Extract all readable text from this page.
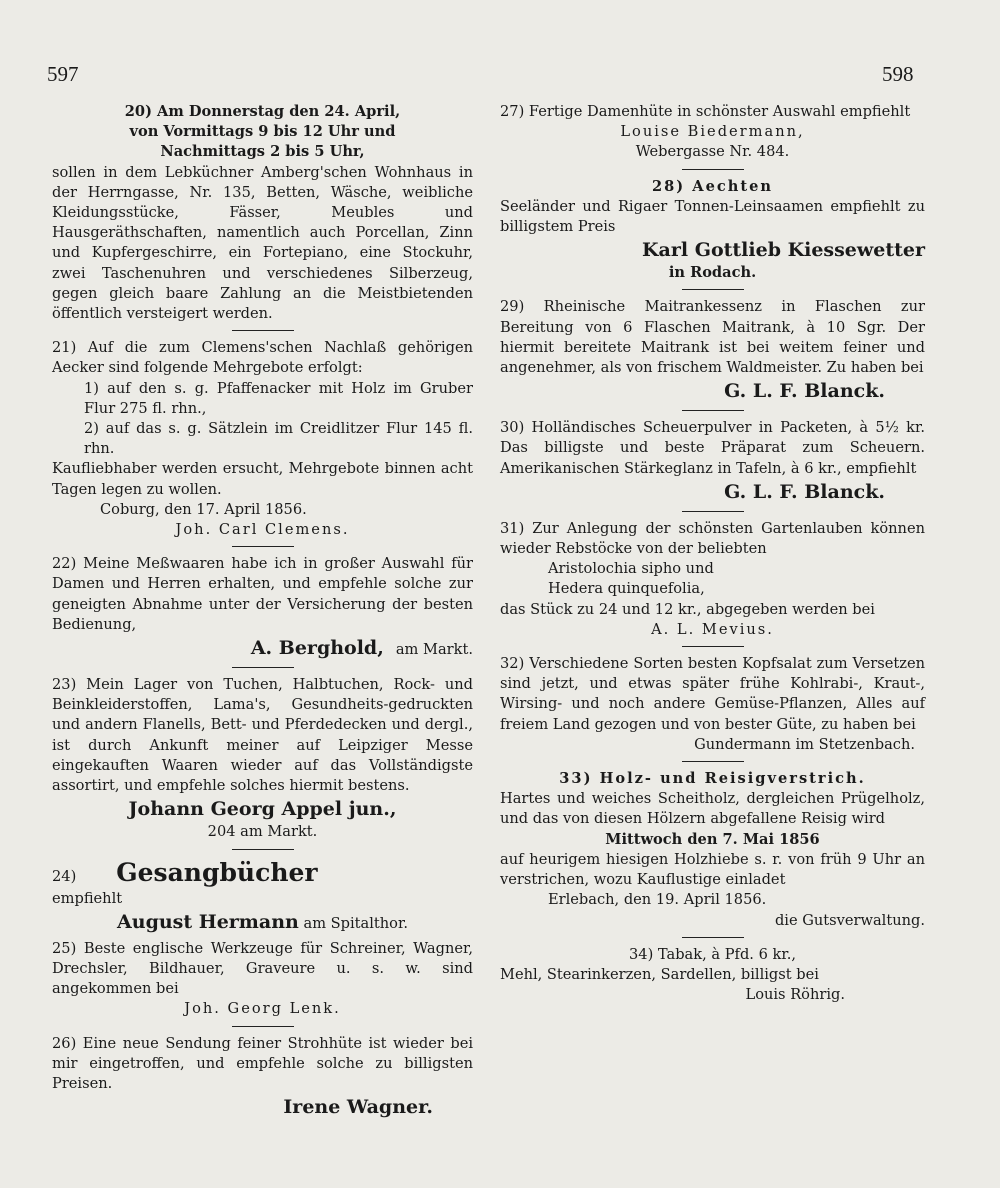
597	598
20) Am Donnerstag den 24. April,
von Vormittags 9 bis 12 Uhr und
Nachmittags 2 bis 5 Uhr,
sollen in dem Lebküchner Amberg'schen Wohnhaus in der Herrngasse, Nr. 135, Betten, Wäsche, weibliche Kleidungsstücke, Fässer, Meubles und Hausgeräthschaften, namentlich auch Porcellan, Zinn und Kupfergeschirre, ein Fortepiano, eine Stockuhr, zwei Taschenuhren und verschiedenes Silberzeug, gegen gleich baare Zahlung an die Meistbietenden öffentlich versteigert werden.
21) Auf die zum Clemens'schen Nachlaß gehörigen Aecker sind folgende Mehrgebote erfolgt:
1) auf den s. g. Pfaffenacker mit Holz im Gruber Flur 275 fl. rhn.,
2) auf das s. g. Sätzlein im Creidlitzer Flur 145 fl. rhn.
Kaufliebhaber werden ersucht, Mehrgebote binnen acht Tagen legen zu wollen.
Coburg, den 17. April 1856.
Joh. Carl Clemens.
22) Meine Meßwaaren habe ich in großer Auswahl für Damen und Herren erhalten, und empfehle solche zur geneigten Abnahme unter der Versicherung der besten Bedienung,
A. Berghold, am Markt.
23) Mein Lager von Tuchen, Halbtuchen, Rock- und Beinkleiderstoffen, Lama's, Gesundheits-gedruckten und andern Flanells, Bett- und Pferdedecken und dergl., ist durch Ankunft meiner auf Leipziger Messe eingekauften Waaren wieder auf das Vollständigste assortirt, und empfehle solches hiermit bestens.
Johann Georg Appel jun.,
204 am Markt.
24) Gesangbücher
empfiehlt
August Hermann am Spitalthor.
25) Beste englische Werkzeuge für Schreiner, Wagner, Drechsler, Bildhauer, Graveure u. s. w. sind angekommen bei
Joh. Georg Lenk.
26) Eine neue Sendung feiner Strohhüte ist wieder bei mir eingetroffen, und empfehle solche zu billigsten Preisen.
Irene Wagner.
27) Fertige Damenhüte in schönster Auswahl empfiehlt
Louise Biedermann,
Webergasse Nr. 484.
28) Aechten
Seeländer und Rigaer Tonnen-Leinsaamen empfiehlt zu billigstem Preis
Karl Gottlieb Kiessewetter
in Rodach.
29) Rheinische Maitrankessenz in Flaschen zur Bereitung von 6 Flaschen Maitrank, à 10 Sgr. Der hiermit bereitete Maitrank ist bei weitem feiner und angenehmer, als von frischem Waldmeister. Zu haben bei
G. L. F. Blanck.
30) Holländisches Scheuerpulver in Packeten, à 5½ kr. Das billigste und beste Präparat zum Scheuern. Amerikanischen Stärkeglanz in Tafeln, à 6 kr., empfiehlt
G. L. F. Blanck.
31) Zur Anlegung der schönsten Gartenlauben können wieder Rebstöcke von der beliebten
Aristolochia sipho und
Hedera quinquefolia,
das Stück zu 24 und 12 kr., abgegeben werden bei
A. L. Mevius.
32) Verschiedene Sorten besten Kopfsalat zum Versetzen sind jetzt, und etwas später frühe Kohlrabi-, Kraut-, Wirsing- und noch andere Gemüse-Pflanzen, Alles auf freiem Land gezogen und von bester Güte, zu haben bei
Gundermann im Stetzenbach.
33) Holz- und Reisigverstrich.
Hartes und weiches Scheitholz, dergleichen Prügelholz, und das von diesen Hölzern abgefallene Reisig wird
Mittwoch den 7. Mai 1856
auf heurigem hiesigen Holzhiebe s. r. von früh 9 Uhr an verstrichen, wozu Kauflustige einladet
Erlebach, den 19. April 1856.
die Gutsverwaltung.
34) Tabak, à Pfd. 6 kr.,
Mehl, Stearinkerzen, Sardellen, billigst bei
Louis Röhrig.
